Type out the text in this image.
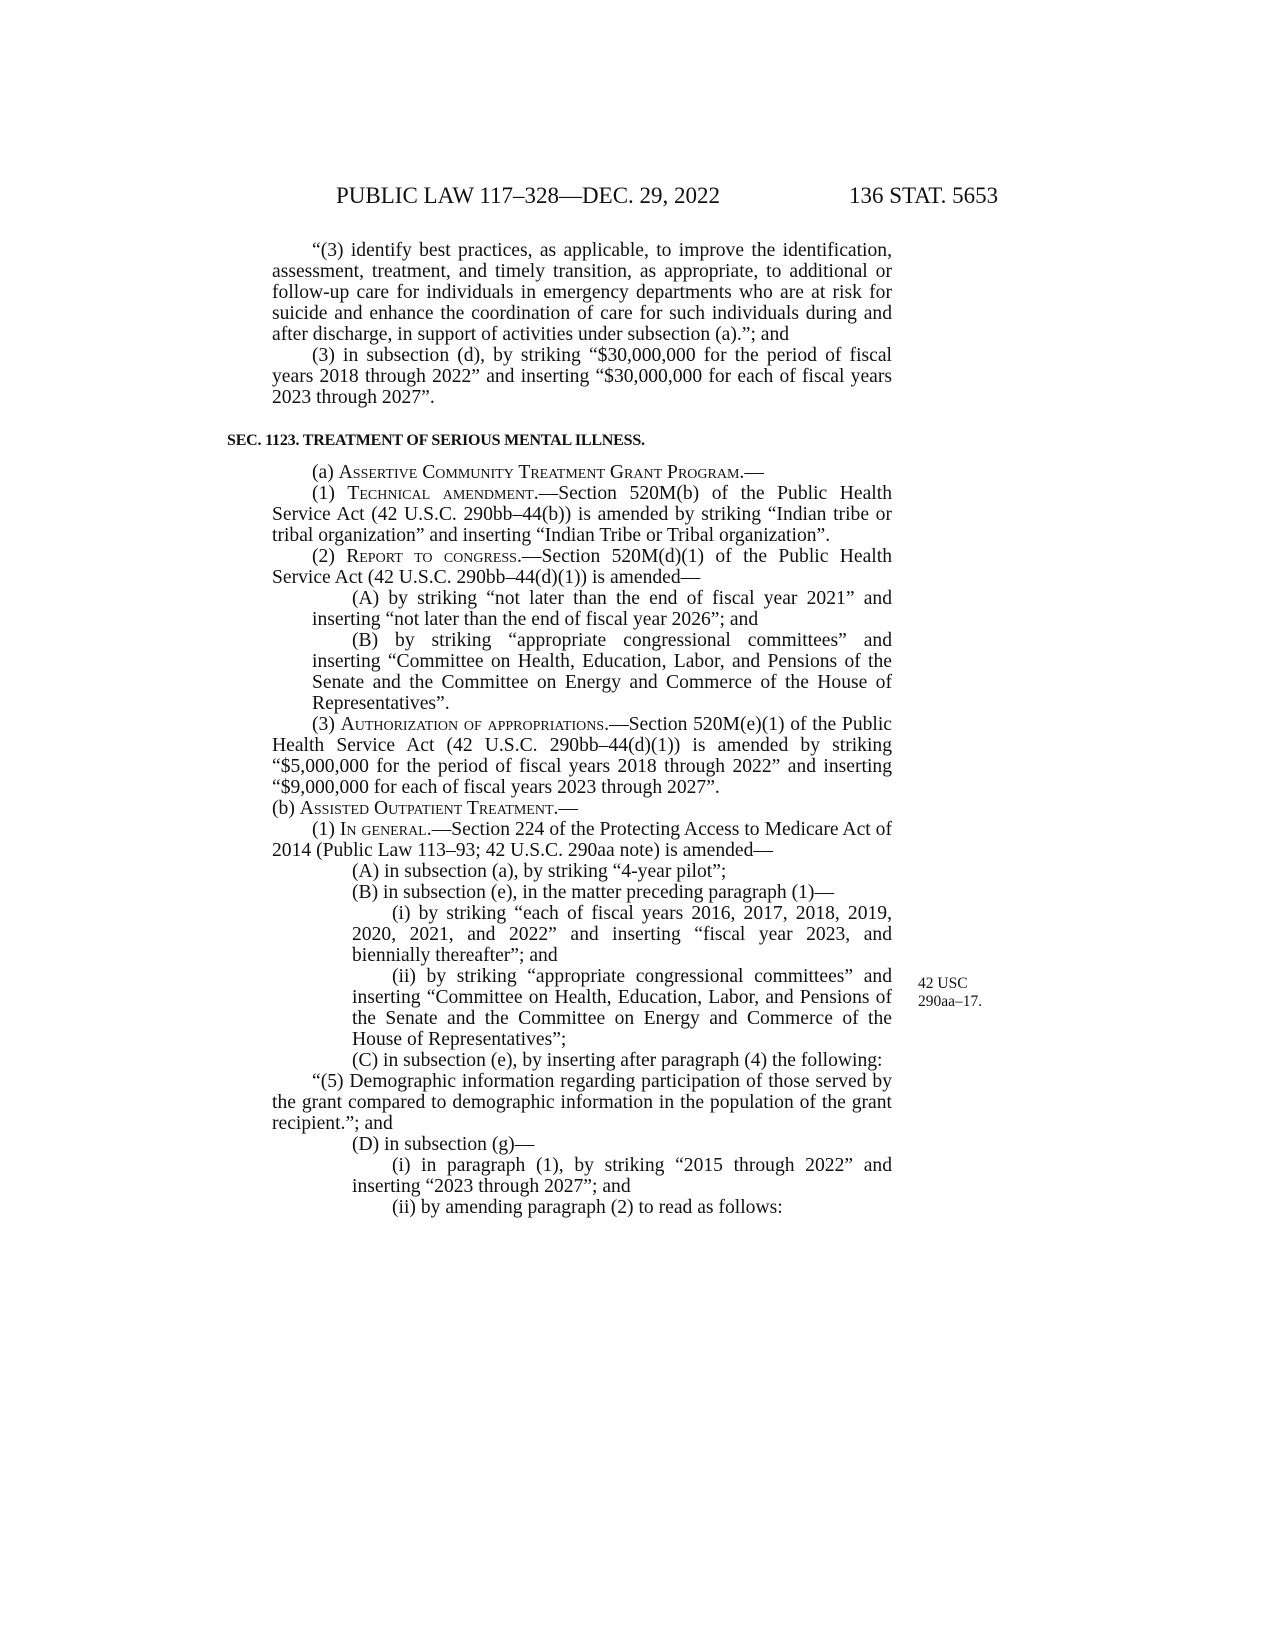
PUBLIC LAW 117–328—DEC. 29, 2022	136 STAT. 5653

“(3) identify best practices, as applicable, to improve the identification, assessment, treatment, and timely transition, as appropriate, to additional or follow-up care for individuals in emergency departments who are at risk for suicide and enhance the coordination of care for such individuals during and after discharge, in support of activities under subsection (a).”; and

(3) in subsection (d), by striking “$30,000,000 for the period of fiscal years 2018 through 2022” and inserting “$30,000,000 for each of fiscal years 2023 through 2027”.

SEC. 1123. TREATMENT OF SERIOUS MENTAL ILLNESS.

(a) Assertive Community Treatment Grant Program.—

(1) Technical amendment.—Section 520M(b) of the Public Health Service Act (42 U.S.C. 290bb–44(b)) is amended by striking “Indian tribe or tribal organization” and inserting “Indian Tribe or Tribal organization”.

(2) Report to congress.—Section 520M(d)(1) of the Public Health Service Act (42 U.S.C. 290bb–44(d)(1)) is amended—

(A) by striking “not later than the end of fiscal year 2021” and inserting “not later than the end of fiscal year 2026”; and

(B) by striking “appropriate congressional committees” and inserting “Committee on Health, Education, Labor, and Pensions of the Senate and the Committee on Energy and Commerce of the House of Representatives”.

(3) Authorization of appropriations.—Section 520M(e)(1) of the Public Health Service Act (42 U.S.C. 290bb–44(d)(1)) is amended by striking “$5,000,000 for the period of fiscal years 2018 through 2022” and inserting “$9,000,000 for each of fiscal years 2023 through 2027”.

(b) Assisted Outpatient Treatment.—

(1) In general.—Section 224 of the Protecting Access to Medicare Act of 2014 (Public Law 113–93; 42 U.S.C. 290aa note) is amended—

(A) in subsection (a), by striking “4-year pilot”;

(B) in subsection (e), in the matter preceding paragraph (1)—

(i) by striking “each of fiscal years 2016, 2017, 2018, 2019, 2020, 2021, and 2022” and inserting “fiscal year 2023, and biennially thereafter”; and

(ii) by striking “appropriate congressional committees” and inserting “Committee on Health, Education, Labor, and Pensions of the Senate and the Committee on Energy and Commerce of the House of Representatives”;

(C) in subsection (e), by inserting after paragraph (4) the following:

“(5) Demographic information regarding participation of those served by the grant compared to demographic information in the population of the grant recipient.”; and

(D) in subsection (g)—

(i) in paragraph (1), by striking “2015 through 2022” and inserting “2023 through 2027”; and

(ii) by amending paragraph (2) to read as follows:

42 USC
290aa–17.
